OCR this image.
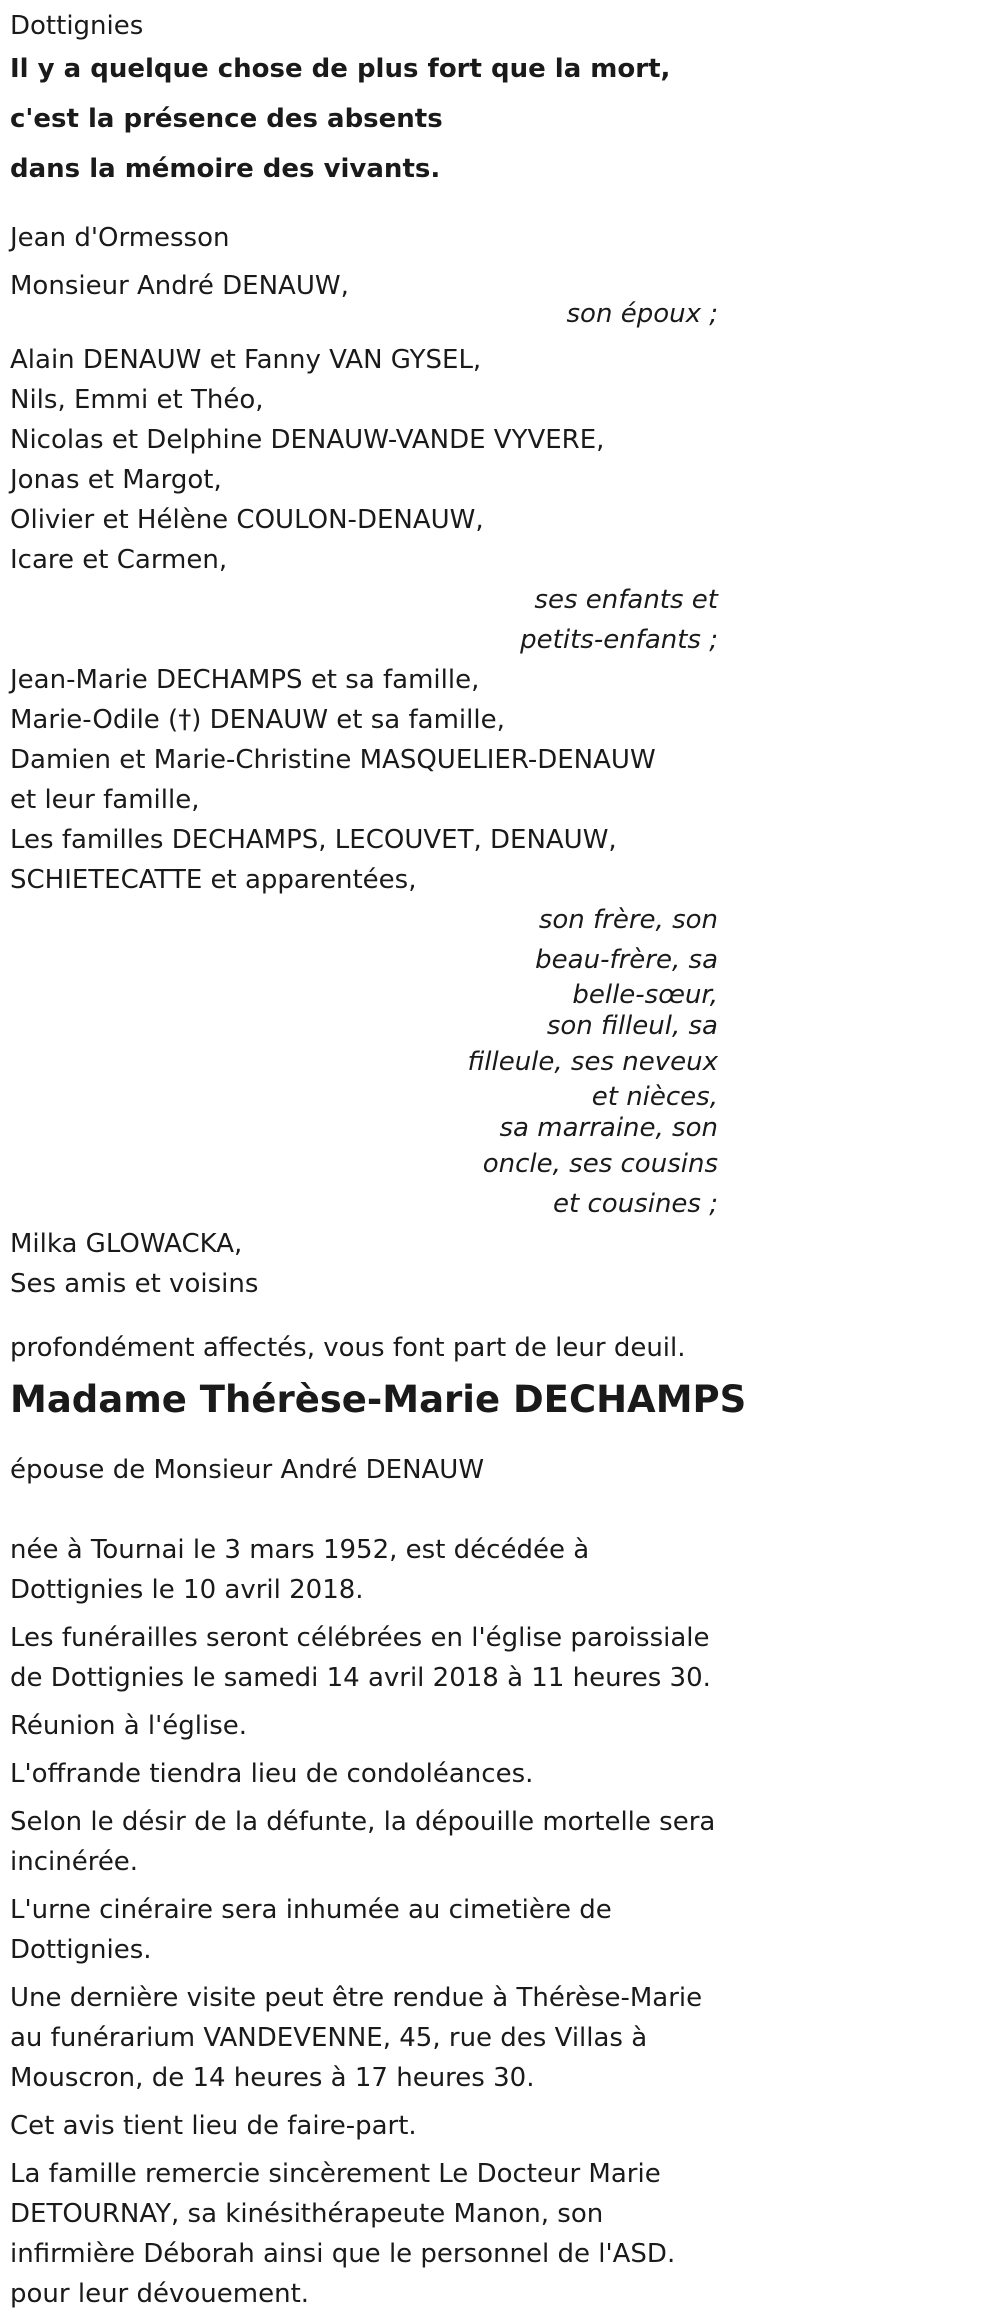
Dottignies
Il y a quelque chose de plus fort que la mort,
c'est la présence des absents
dans la mémoire des vivants.
Jean d'Ormesson
Monsieur André DENAUW,
son époux ;
Alain DENAUW et Fanny VAN GYSEL,
Nils, Emmi et Théo,
Nicolas et Delphine DENAUW-VANDE VYVERE,
Jonas et Margot,
Olivier et Hélène COULON-DENAUW,
Icare et Carmen,
ses enfants et
petits-enfants ;
Jean-Marie DECHAMPS et sa famille,
Marie-Odile (†) DENAUW et sa famille,
Damien et Marie-Christine MASQUELIER-DENAUW
et leur famille,
Les familles DECHAMPS, LECOUVET, DENAUW,
SCHIETECATTE et apparentées,
son frère, son
beau-frère, sa
belle-sœur,
son filleul, sa
filleule, ses neveux
et nièces,
sa marraine, son
oncle, ses cousins
et cousines ;
Milka GLOWACKA,
Ses amis et voisins
profondément affectés, vous font part de leur deuil.
Madame Thérèse-Marie DECHAMPS
épouse de Monsieur André DENAUW
née à Tournai le 3 mars 1952, est décédée à Dottignies le 10 avril 2018.
Les funérailles seront célébrées en l'église paroissiale de Dottignies le samedi 14 avril 2018 à 11 heures 30.
Réunion à l'église.
L'offrande tiendra lieu de condoléances.
Selon le désir de la défunte, la dépouille mortelle sera incinérée.
L'urne cinéraire sera inhumée au cimetière de Dottignies.
Une dernière visite peut être rendue à Thérèse-Marie au funérarium VANDEVENNE, 45, rue des Villas à Mouscron, de 14 heures à 17 heures 30.
Cet avis tient lieu de faire-part.
La famille remercie sincèrement Le Docteur Marie DETOURNAY, sa kinésithérapeute Manon, son infirmière Déborah ainsi que le personnel de l'ASD. pour leur dévouement.
